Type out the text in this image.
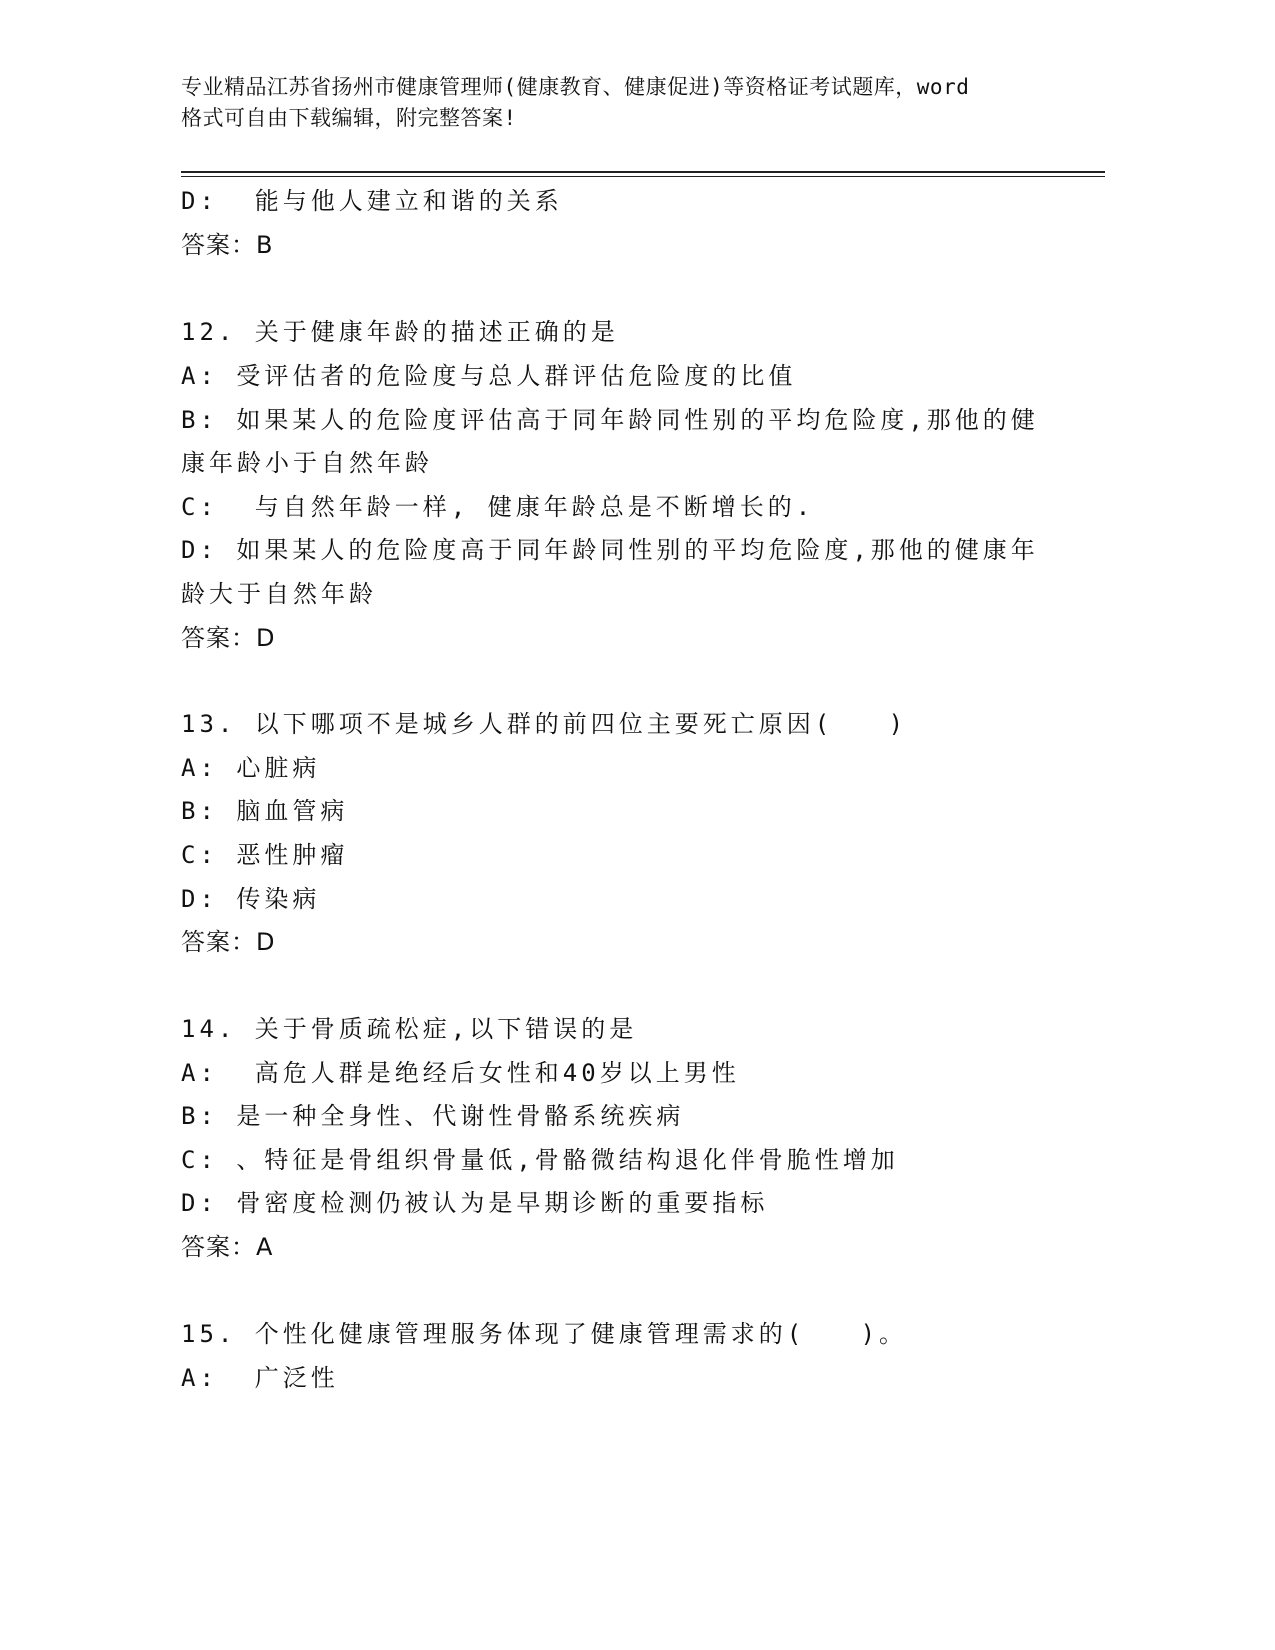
专业精品江苏省扬州市健康管理师(健康教育、健康促进)等资格证考试题库，word
格式可自由下载编辑，附完整答案!
D:  能与他人建立和谐的关系
答案：B
12. 关于健康年龄的描述正确的是
A: 受评估者的危险度与总人群评估危险度的比值
B: 如果某人的危险度评估高于同年龄同性别的平均危险度,那他的健
康年龄小于自然年龄
C:  与自然年龄一样, 健康年龄总是不断增长的.
D: 如果某人的危险度高于同年龄同性别的平均危险度,那他的健康年
龄大于自然年龄
答案：D
13. 以下哪项不是城乡人群的前四位主要死亡原因(   )
A: 心脏病
B: 脑血管病
C: 恶性肿瘤
D: 传染病
答案：D
14. 关于骨质疏松症,以下错误的是
A:  高危人群是绝经后女性和40岁以上男性
B: 是一种全身性、代谢性骨骼系统疾病
C: 、特征是骨组织骨量低,骨骼微结构退化伴骨脆性增加
D: 骨密度检测仍被认为是早期诊断的重要指标
答案：A
15. 个性化健康管理服务体现了健康管理需求的(   )。
A:  广泛性
